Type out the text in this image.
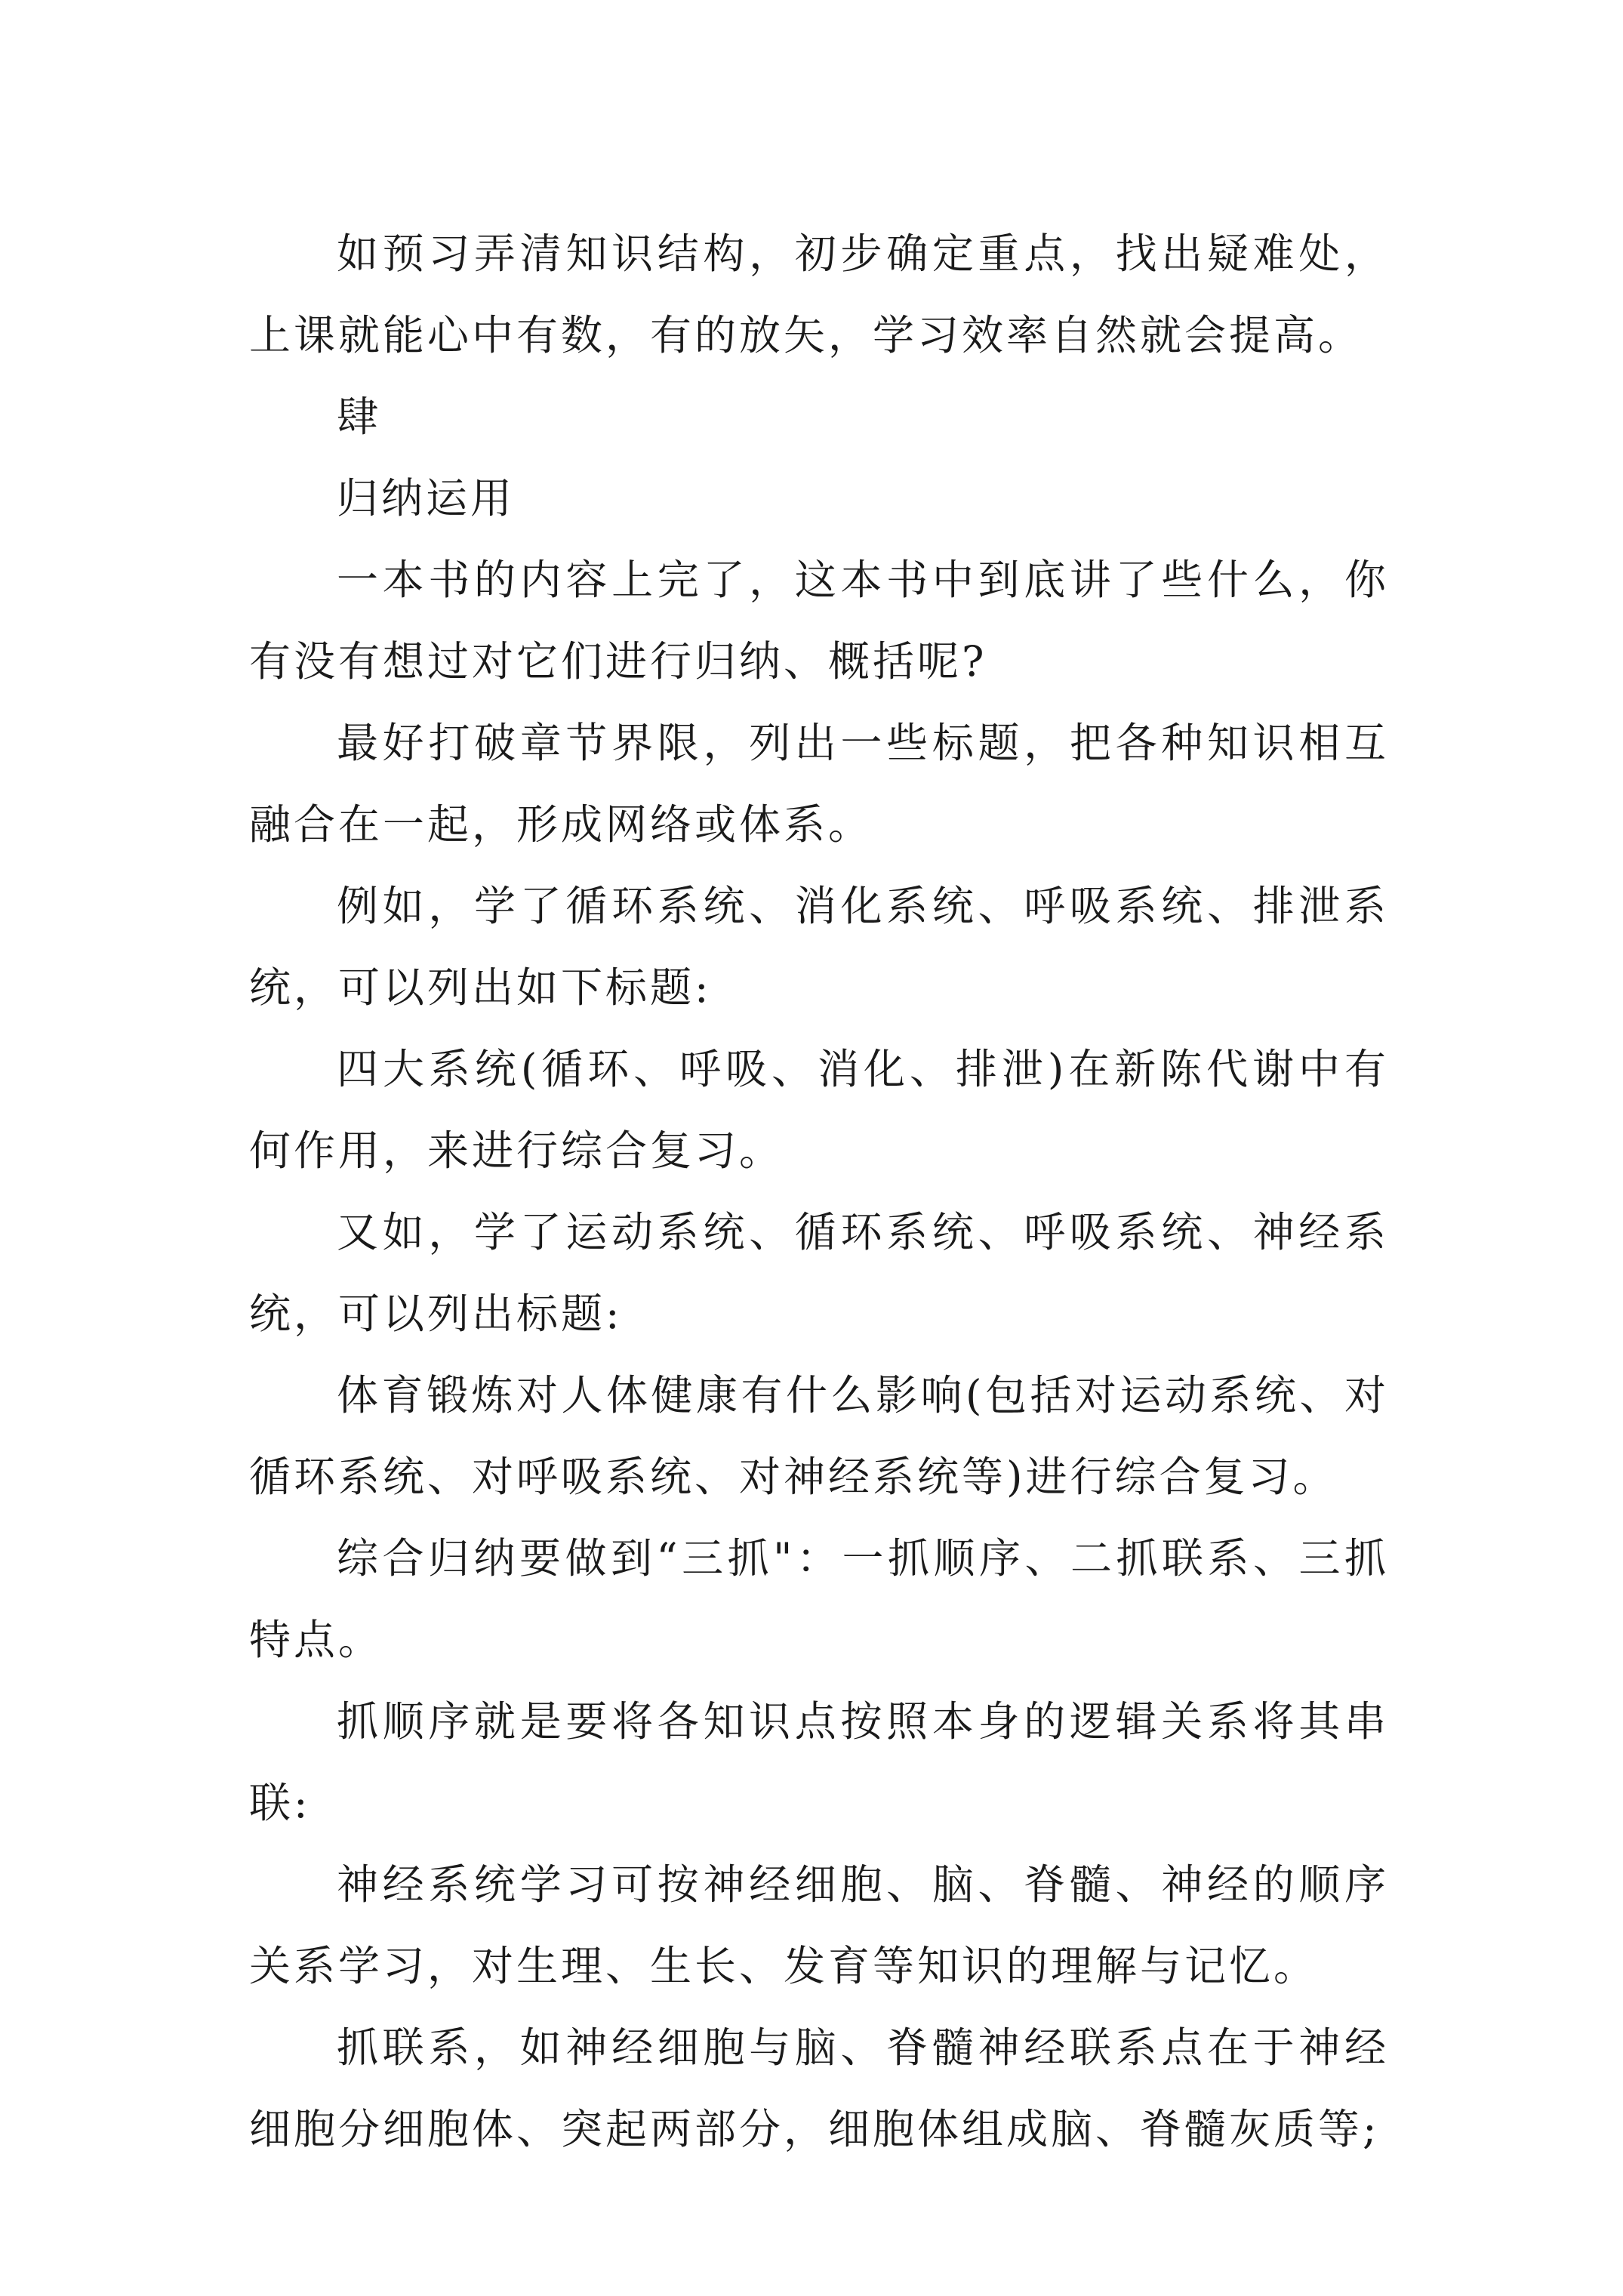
如预习弄清知识结构，初步确定重点，找出疑难处，上课就能心中有数，有的放矢，学习效率自然就会提高。

肆

归纳运用

一本书的内容上完了，这本书中到底讲了些什么，你有没有想过对它们进行归纳、概括呢?

最好打破章节界限，列出一些标题，把各种知识相互融合在一起，形成网络或体系。

例如，学了循环系统、消化系统、呼吸系统、排泄系统，可以列出如下标题:

四大系统(循环、呼吸、消化、排泄)在新陈代谢中有何作用，来进行综合复习。

又如，学了运动系统、循环系统、呼吸系统、神经系统，可以列出标题:

体育锻炼对人体健康有什么影响(包括对运动系统、对循环系统、对呼吸系统、对神经系统等)进行综合复习。

综合归纳要做到“三抓"：一抓顺序、二抓联系、三抓特点。

抓顺序就是要将各知识点按照本身的逻辑关系将其串联:

神经系统学习可按神经细胞、脑、脊髓、神经的顺序关系学习，对生理、生长、发育等知识的理解与记忆。

抓联系，如神经细胞与脑、脊髓神经联系点在于神经细胞分细胞体、突起两部分，细胞体组成脑、脊髓灰质等;
